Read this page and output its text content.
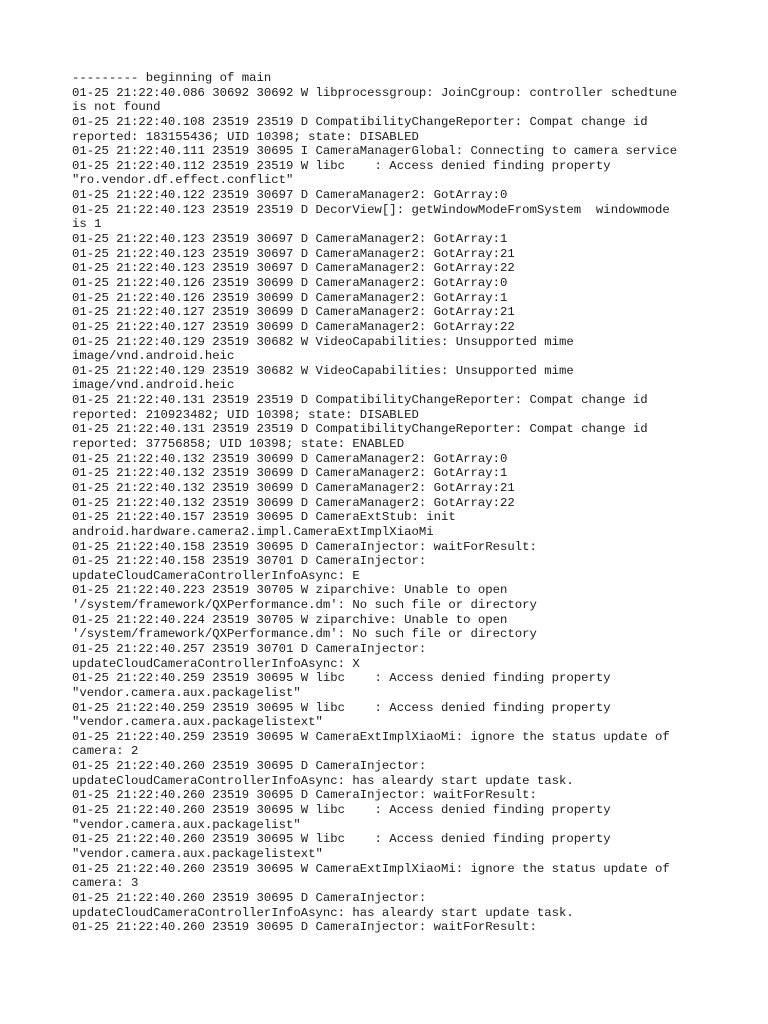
--------- beginning of main
01-25 21:22:40.086 30692 30692 W libprocessgroup: JoinCgroup: controller schedtune
is not found
01-25 21:22:40.108 23519 23519 D CompatibilityChangeReporter: Compat change id
reported: 183155436; UID 10398; state: DISABLED
01-25 21:22:40.111 23519 30695 I CameraManagerGlobal: Connecting to camera service
01-25 21:22:40.112 23519 23519 W libc    : Access denied finding property
"ro.vendor.df.effect.conflict"
01-25 21:22:40.122 23519 30697 D CameraManager2: GotArray:0
01-25 21:22:40.123 23519 23519 D DecorView[]: getWindowModeFromSystem  windowmode
is 1
01-25 21:22:40.123 23519 30697 D CameraManager2: GotArray:1
01-25 21:22:40.123 23519 30697 D CameraManager2: GotArray:21
01-25 21:22:40.123 23519 30697 D CameraManager2: GotArray:22
01-25 21:22:40.126 23519 30699 D CameraManager2: GotArray:0
01-25 21:22:40.126 23519 30699 D CameraManager2: GotArray:1
01-25 21:22:40.127 23519 30699 D CameraManager2: GotArray:21
01-25 21:22:40.127 23519 30699 D CameraManager2: GotArray:22
01-25 21:22:40.129 23519 30682 W VideoCapabilities: Unsupported mime
image/vnd.android.heic
01-25 21:22:40.129 23519 30682 W VideoCapabilities: Unsupported mime
image/vnd.android.heic
01-25 21:22:40.131 23519 23519 D CompatibilityChangeReporter: Compat change id
reported: 210923482; UID 10398; state: DISABLED
01-25 21:22:40.131 23519 23519 D CompatibilityChangeReporter: Compat change id
reported: 37756858; UID 10398; state: ENABLED
01-25 21:22:40.132 23519 30699 D CameraManager2: GotArray:0
01-25 21:22:40.132 23519 30699 D CameraManager2: GotArray:1
01-25 21:22:40.132 23519 30699 D CameraManager2: GotArray:21
01-25 21:22:40.132 23519 30699 D CameraManager2: GotArray:22
01-25 21:22:40.157 23519 30695 D CameraExtStub: init
android.hardware.camera2.impl.CameraExtImplXiaoMi
01-25 21:22:40.158 23519 30695 D CameraInjector: waitForResult:
01-25 21:22:40.158 23519 30701 D CameraInjector:
updateCloudCameraControllerInfoAsync: E
01-25 21:22:40.223 23519 30705 W ziparchive: Unable to open
'/system/framework/QXPerformance.dm': No such file or directory
01-25 21:22:40.224 23519 30705 W ziparchive: Unable to open
'/system/framework/QXPerformance.dm': No such file or directory
01-25 21:22:40.257 23519 30701 D CameraInjector:
updateCloudCameraControllerInfoAsync: X
01-25 21:22:40.259 23519 30695 W libc    : Access denied finding property
"vendor.camera.aux.packagelist"
01-25 21:22:40.259 23519 30695 W libc    : Access denied finding property
"vendor.camera.aux.packagelistext"
01-25 21:22:40.259 23519 30695 W CameraExtImplXiaoMi: ignore the status update of
camera: 2
01-25 21:22:40.260 23519 30695 D CameraInjector:
updateCloudCameraControllerInfoAsync: has aleardy start update task.
01-25 21:22:40.260 23519 30695 D CameraInjector: waitForResult:
01-25 21:22:40.260 23519 30695 W libc    : Access denied finding property
"vendor.camera.aux.packagelist"
01-25 21:22:40.260 23519 30695 W libc    : Access denied finding property
"vendor.camera.aux.packagelistext"
01-25 21:22:40.260 23519 30695 W CameraExtImplXiaoMi: ignore the status update of
camera: 3
01-25 21:22:40.260 23519 30695 D CameraInjector:
updateCloudCameraControllerInfoAsync: has aleardy start update task.
01-25 21:22:40.260 23519 30695 D CameraInjector: waitForResult:
